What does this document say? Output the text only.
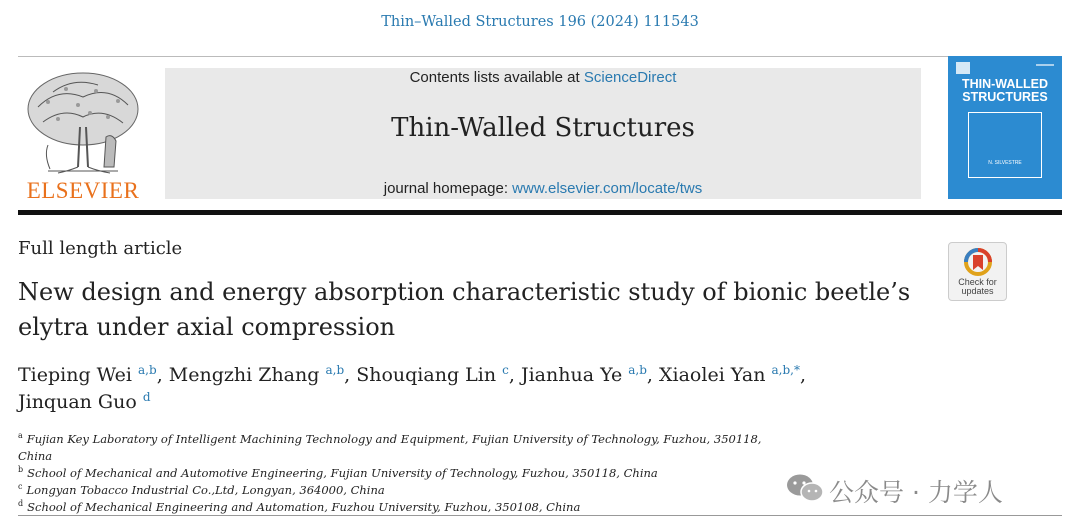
Thin–Walled Structures 196 (2024) 111543
ELSEVIER
Contents lists available at ScienceDirect
Thin-Walled Structures
journal homepage: www.elsevier.com/locate/tws
THIN-WALLED
STRUCTURES
N. SILVESTRE
Full length article
Check for
updates
New design and energy absorption characteristic study of bionic beetle’s
elytra under axial compression
Tieping Wei $^{a,b}$, Mengzhi Zhang $^{a,b}$, Shouqiang Lin $^c$, Jianhua Ye $^{a,b}$, Xiaolei Yan $^{a,b,*}$,
Jinquan Guo $^d$
$^a$ Fujian Key Laboratory of Intelligent Machining Technology and Equipment, Fujian University of Technology, Fuzhou, 350118, China
$^b$ School of Mechanical and Automotive Engineering, Fujian University of Technology, Fuzhou, 350118, China
$^c$ Longyan Tobacco Industrial Co.,Ltd, Longyan, 364000, China
$^d$ School of Mechanical Engineering and Automation, Fuzhou University, Fuzhou, 350108, China	公众号 · 力学人
